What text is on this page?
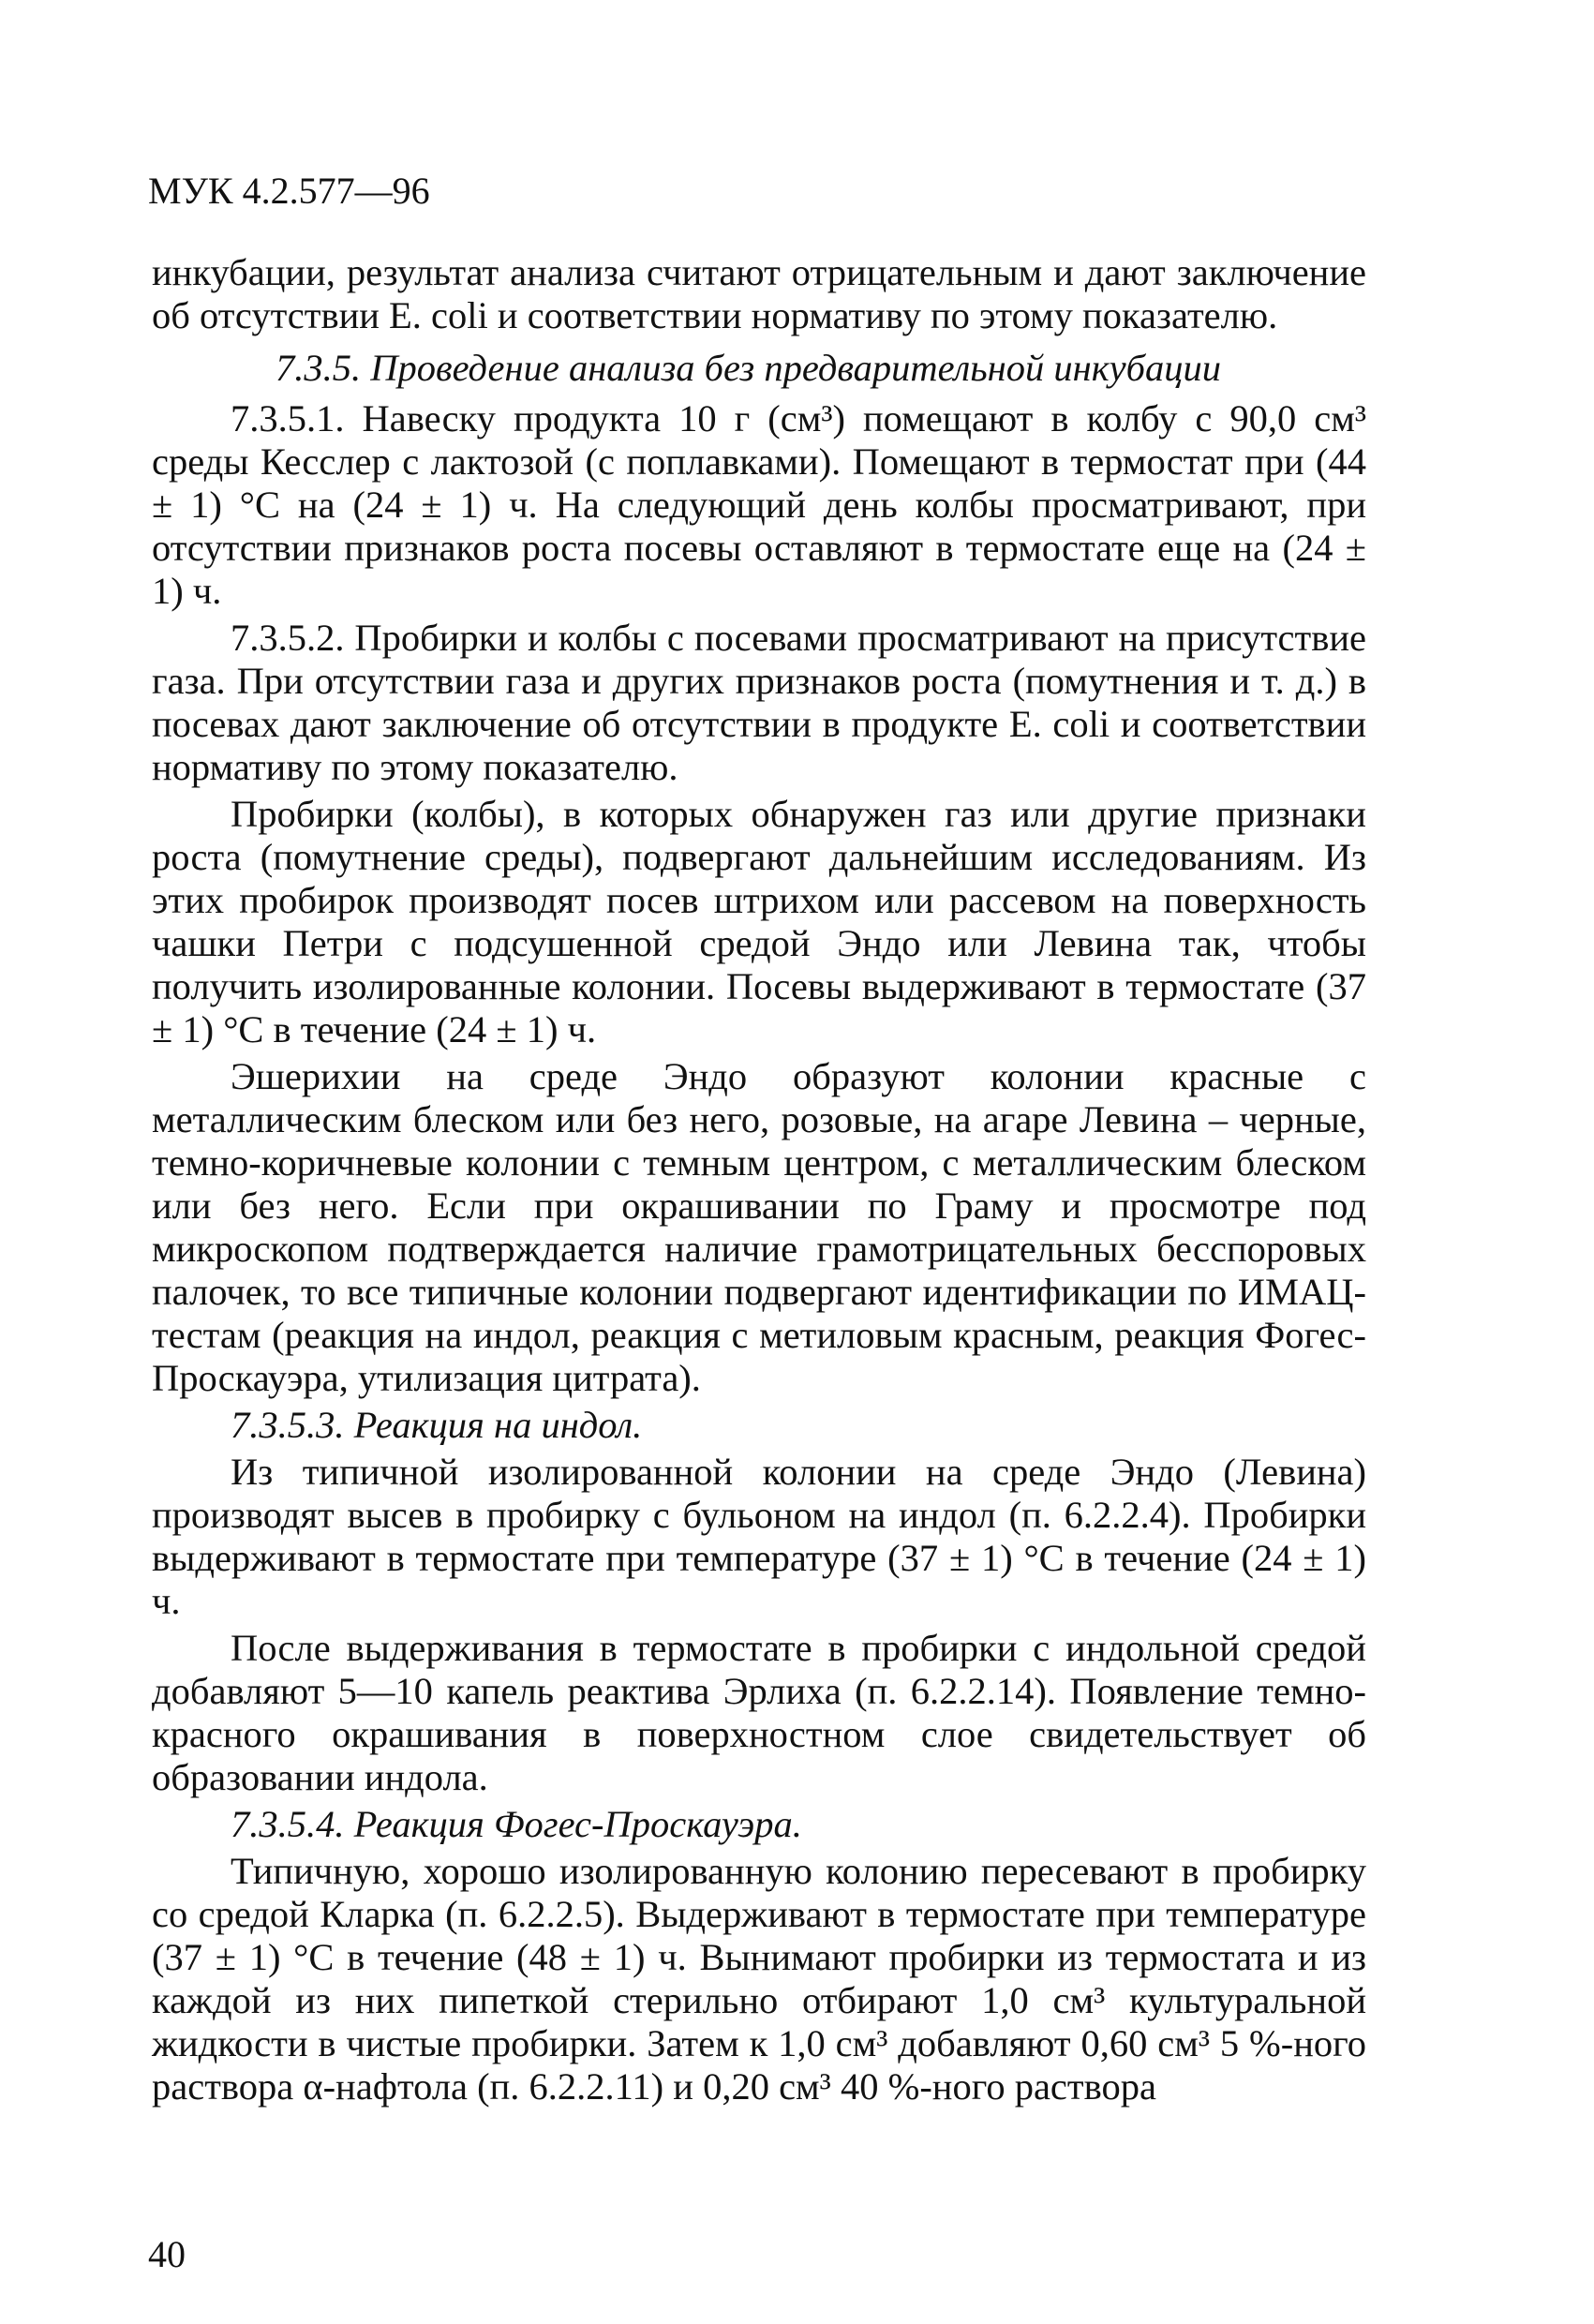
МУК 4.2.577—96

инкубации, результат анализа считают отрицательным и дают заключение об отсутствии E. coli и соответствии нормативу по этому показателю.

7.3.5. Проведение анализа без предварительной инкубации

7.3.5.1. Навеску продукта 10 г (см³) помещают в колбу с 90,0 см³ среды Кесслер с лактозой (с поплавками). Помещают в термостат при (44 ± 1) °С на (24 ± 1) ч. На следующий день колбы просматривают, при отсутствии признаков роста посевы оставляют в термостате еще на (24 ± 1) ч.

7.3.5.2. Пробирки и колбы с посевами просматривают на присутствие газа. При отсутствии газа и других признаков роста (помутнения и т. д.) в посевах дают заключение об отсутствии в продукте E. coli и соответствии нормативу по этому показателю.

Пробирки (колбы), в которых обнаружен газ или другие признаки роста (помутнение среды), подвергают дальнейшим исследованиям. Из этих пробирок производят посев штрихом или рассевом на поверхность чашки Петри с подсушенной средой Эндо или Левина так, чтобы получить изолированные колонии. Посевы выдерживают в термостате (37 ± 1) °С в течение (24 ± 1) ч.

Эшерихии на среде Эндо образуют колонии красные с металлическим блеском или без него, розовые, на агаре Левина – черные, темно-коричневые колонии с темным центром, с металлическим блеском или без него. Если при окрашивании по Граму и просмотре под микроскопом подтверждается наличие грамотрицательных бесспоровых палочек, то все типичные колонии подвергают идентификации по ИМАЦ-тестам (реакция на индол, реакция с метиловым красным, реакция Фогес-Проскауэра, утилизация цитрата).

7.3.5.3. Реакция на индол.

Из типичной изолированной колонии на среде Эндо (Левина) производят высев в пробирку с бульоном на индол (п. 6.2.2.4). Пробирки выдерживают в термостате при температуре (37 ± 1) °С в течение (24 ± 1) ч.

После выдерживания в термостате в пробирки с индольной средой добавляют 5—10 капель реактива Эрлиха (п. 6.2.2.14). Появление темно-красного окрашивания в поверхностном слое свидетельствует об образовании индола.

7.3.5.4. Реакция Фогес-Проскауэра.

Типичную, хорошо изолированную колонию пересевают в пробирку со средой Кларка (п. 6.2.2.5). Выдерживают в термостате при температуре (37 ± 1) °С в течение (48 ± 1) ч. Вынимают пробирки из термостата и из каждой из них пипеткой стерильно отбирают 1,0 см³ культуральной жидкости в чистые пробирки. Затем к 1,0 см³ добавляют 0,60 см³ 5 %-ного раствора α-нафтола (п. 6.2.2.11) и 0,20 см³ 40 %-ного раствора

40
